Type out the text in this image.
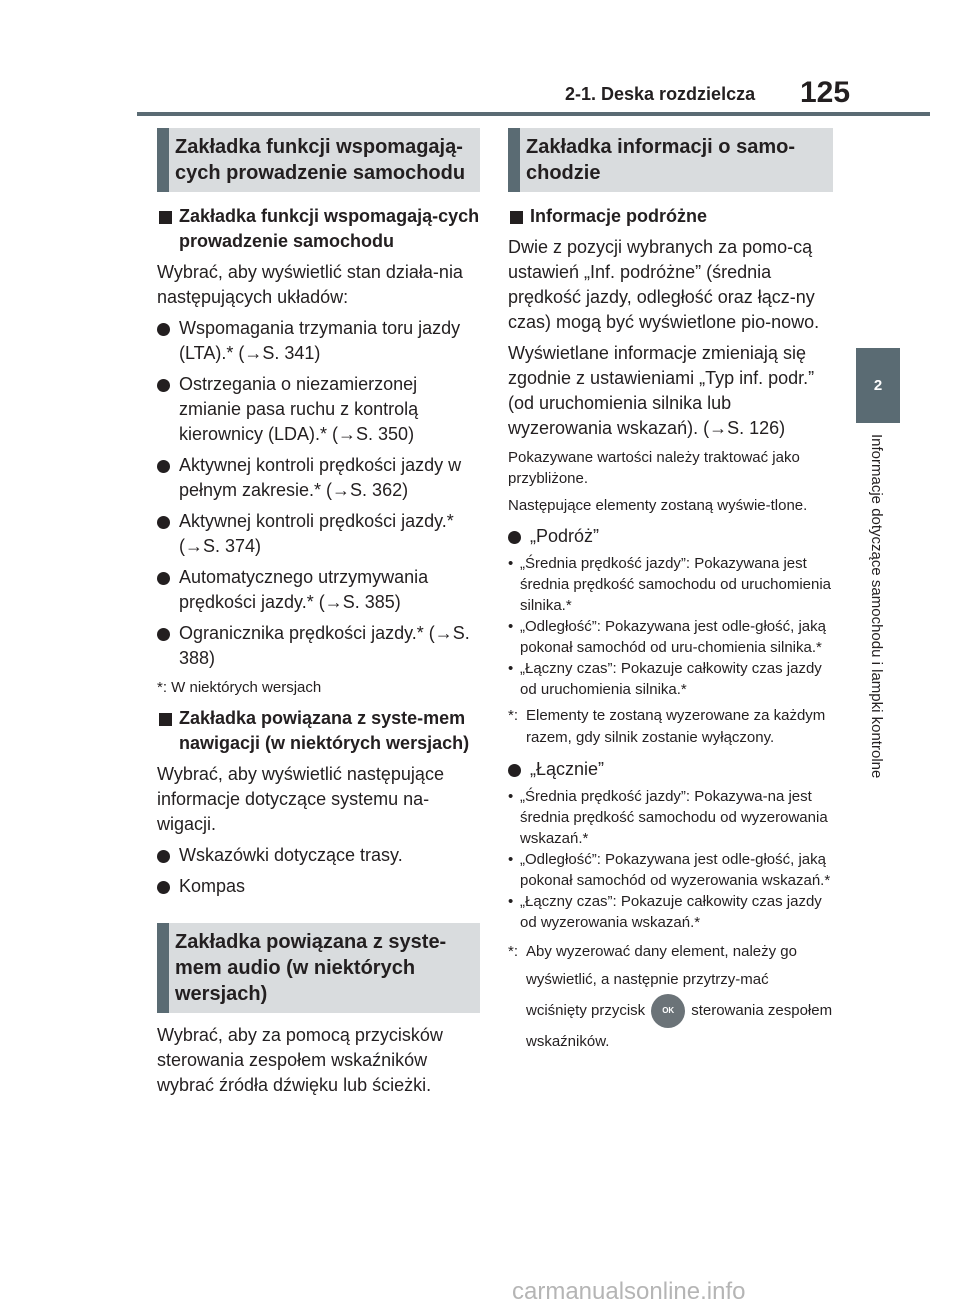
2-1. Deska rozdzielcza 125
2
Informacje dotyczące samochodu i lampki kontrolne
Zakładka funkcji wspomagają-cych prowadzenie samochodu
Zakładka funkcji wspomagają-cych prowadzenie samochodu
Wybrać, aby wyświetlić stan działa-nia następujących układów:
Wspomagania trzymania toru jazdy (LTA).* (→S. 341)
Ostrzegania o niezamierzonej zmianie pasa ruchu z kontrolą kierownicy (LDA).* (→S. 350)
Aktywnej kontroli prędkości jazdy w pełnym zakresie.* (→S. 362)
Aktywnej kontroli prędkości jazdy.* (→S. 374)
Automatycznego utrzymywania prędkości jazdy.* (→S. 385)
Ogranicznika prędkości jazdy.* (→S. 388)
*: W niektórych wersjach
Zakładka powiązana z syste-mem nawigacji (w niektórych wersjach)
Wybrać, aby wyświetlić następujące informacje dotyczące systemu na-wigacji.
Wskazówki dotyczące trasy.
Kompas
Zakładka powiązana z syste-mem audio (w niektórych wersjach)
Wybrać, aby za pomocą przycisków sterowania zespołem wskaźników wybrać źródła dźwięku lub ścieżki.
Zakładka informacji o samo-chodzie
Informacje podróżne
Dwie z pozycji wybranych za pomo-cą ustawień „Inf. podróżne” (średnia prędkość jazdy, odległość oraz łącz-ny czas) mogą być wyświetlone pio-nowo.
Wyświetlane informacje zmieniają się zgodnie z ustawieniami „Typ inf. podr.” (od uruchomienia silnika lub wyzerowania wskazań). (→S. 126)
Pokazywane wartości należy traktować jako przybliżone.
Następujące elementy zostaną wyświe-tlone.
„Podróż”
• „Średnia prędkość jazdy”: Pokazywana jest średnia prędkość samochodu od uruchomienia silnika.*
• „Odległość”: Pokazywana jest odle-głość, jaką pokonał samochód od uru-chomienia silnika.*
• „Łączny czas”: Pokazuje całkowity czas jazdy od uruchomienia silnika.*
*: Elementy te zostaną wyzerowane za każdym razem, gdy silnik zostanie wyłączony.
„Łącznie”
• „Średnia prędkość jazdy”: Pokazywa-na jest średnia prędkość samochodu od wyzerowania wskazań.*
• „Odległość”: Pokazywana jest odle-głość, jaką pokonał samochód od wyzerowania wskazań.*
• „Łączny czas”: Pokazuje całkowity czas jazdy od wyzerowania wskazań.*
*: Aby wyzerować dany element, należy go wyświetlić, a następnie przytrzy-mać wciśnięty przycisk OK sterowania zespołem wskaźników.
carmanualsonline.info
